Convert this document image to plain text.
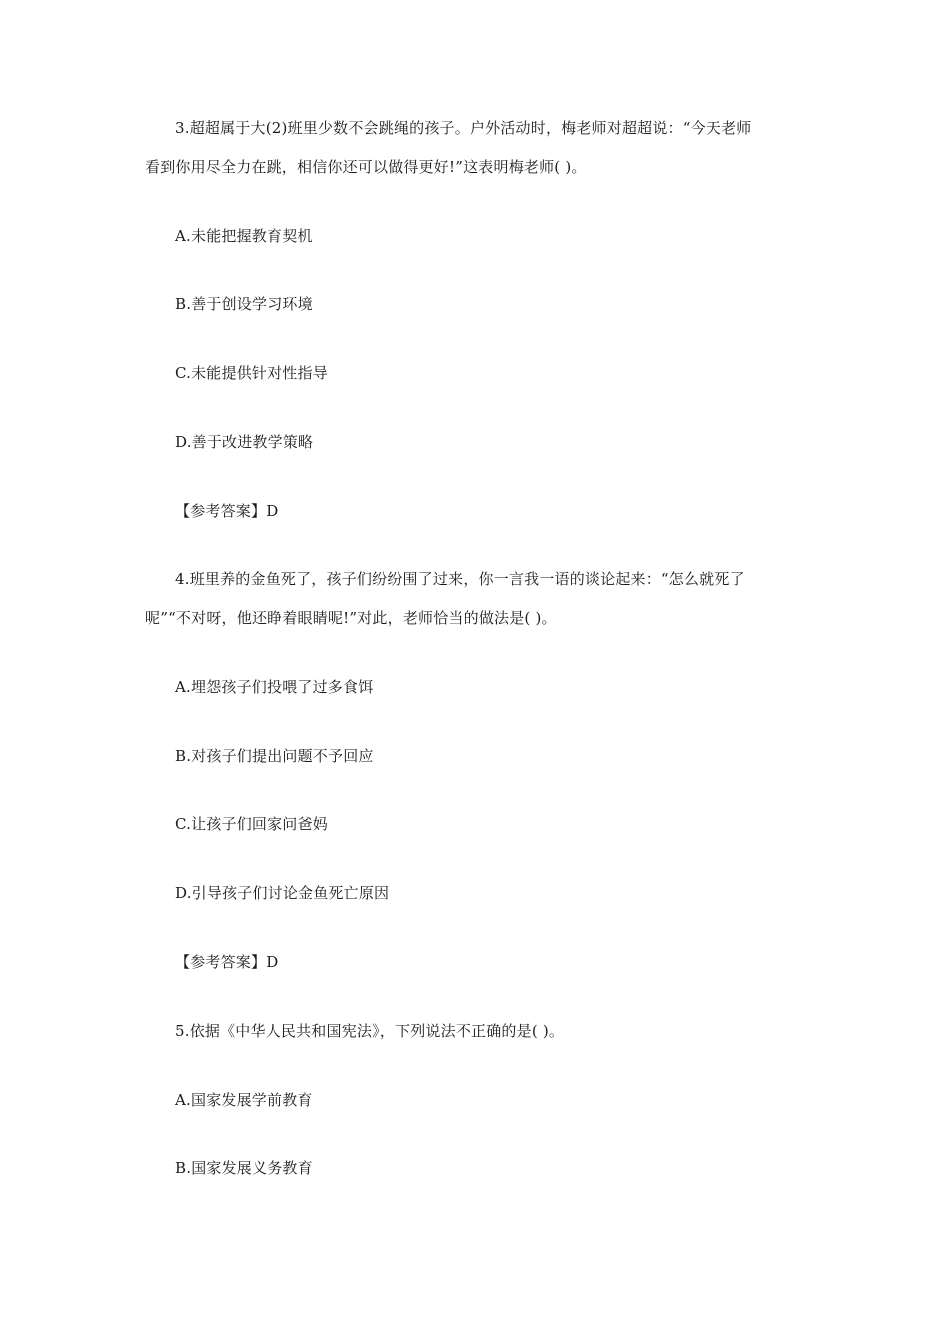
3.超超属于大(2)班里少数不会跳绳的孩子。户外活动时，梅老师对超超说：“今天老师
看到你用尽全力在跳，相信你还可以做得更好!”这表明梅老师( )。
A.未能把握教育契机
B.善于创设学习环境
C.未能提供针对性指导
D.善于改进教学策略
【参考答案】D
4.班里养的金鱼死了，孩子们纷纷围了过来，你一言我一语的谈论起来：“怎么就死了
呢”“不对呀，他还睁着眼睛呢!”对此，老师恰当的做法是( )。
A.埋怨孩子们投喂了过多食饵
B.对孩子们提出问题不予回应
C.让孩子们回家问爸妈
D.引导孩子们讨论金鱼死亡原因
【参考答案】D
5.依据《中华人民共和国宪法》，下列说法不正确的是( )。
A.国家发展学前教育
B.国家发展义务教育
